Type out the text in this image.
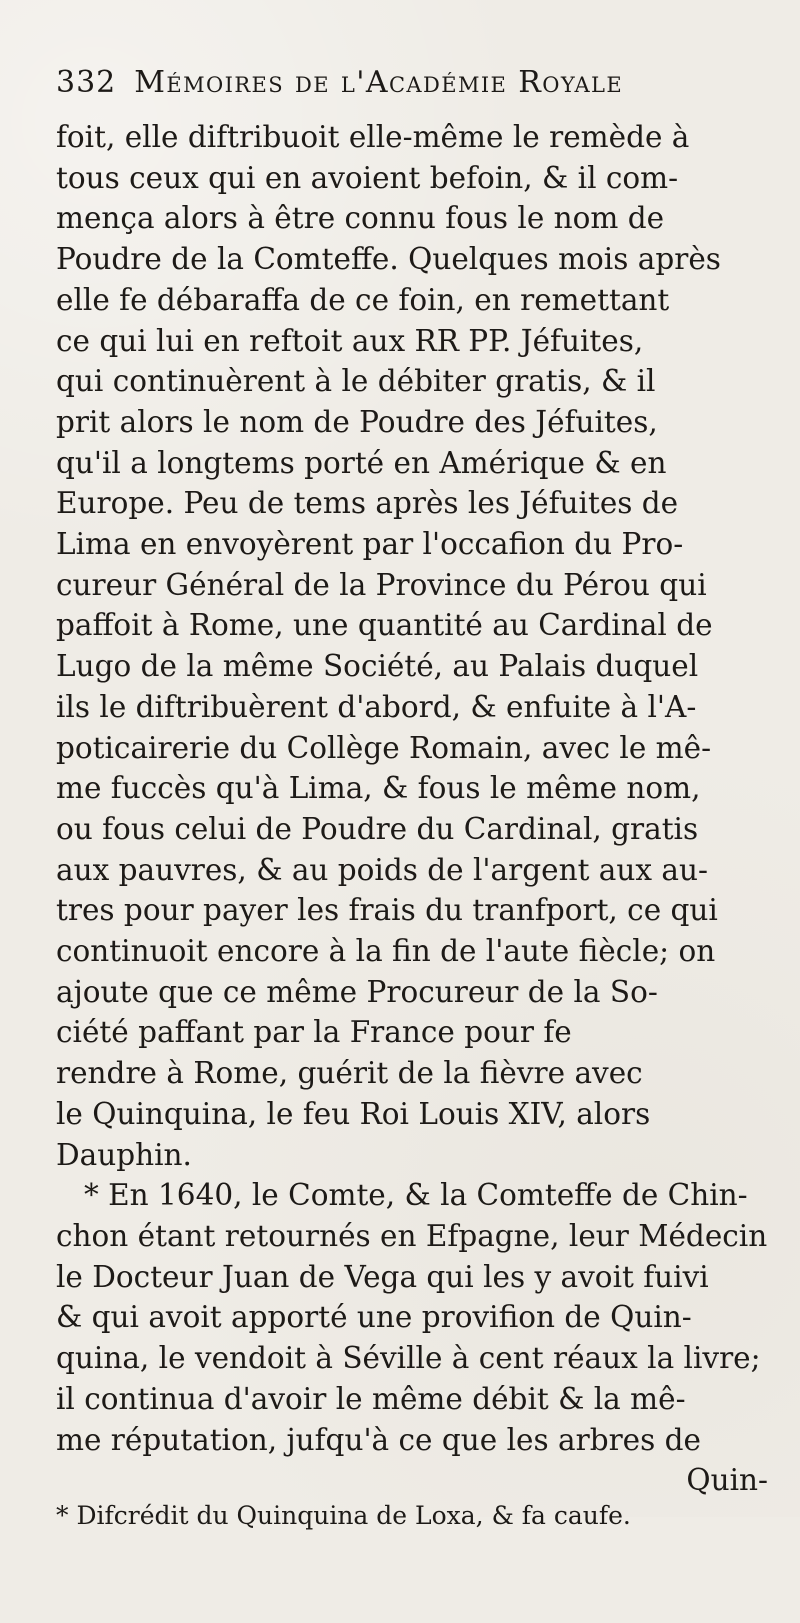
332 Mémoires de l'Académie Royale
foit, elle diftribuoit elle-même le remède à
tous ceux qui en avoient befoin, & il com-
mença alors à être connu fous le nom de
Poudre de la Comteffe. Quelques mois après
elle fe débaraffa de ce foin, en remettant
ce qui lui en reftoit aux RR PP. Jéfuites,
qui continuèrent à le débiter gratis, & il
prit alors le nom de Poudre des Jéfuites,
qu'il a longtems porté en Amérique & en
Europe. Peu de tems après les Jéfuites de
Lima en envoyèrent par l'occafion du Pro-
cureur Général de la Province du Pérou qui
paffoit à Rome, une quantité au Cardinal de
Lugo de la même Société, au Palais duquel
ils le diftribuèrent d'abord, & enfuite à l'A-
poticairerie du Collège Romain, avec le mê-
me fuccès qu'à Lima, & fous le même nom,
ou fous celui de Poudre du Cardinal, gratis
aux pauvres, & au poids de l'argent aux au-
tres pour payer les frais du tranfport, ce qui
continuoit encore à la fin de l'aute fiècle; on
ajoute que ce même Procureur de la So-
ciété paffant par la France pour fe
rendre à Rome, guérit de la fièvre avec
le Quinquina, le feu Roi Louis XIV, alors
Dauphin.
* En 1640, le Comte, & la Comteffe de Chin-
chon étant retournés en Efpagne, leur Médecin
le Docteur Juan de Vega qui les y avoit fuivi
& qui avoit apporté une provifion de Quin-
quina, le vendoit à Séville à cent réaux la livre;
il continua d'avoir le même débit & la mê-
me réputation, jufqu'à ce que les arbres de
Quin-
* Difcrédit du Quinquina de Loxa, & fa caufe.
